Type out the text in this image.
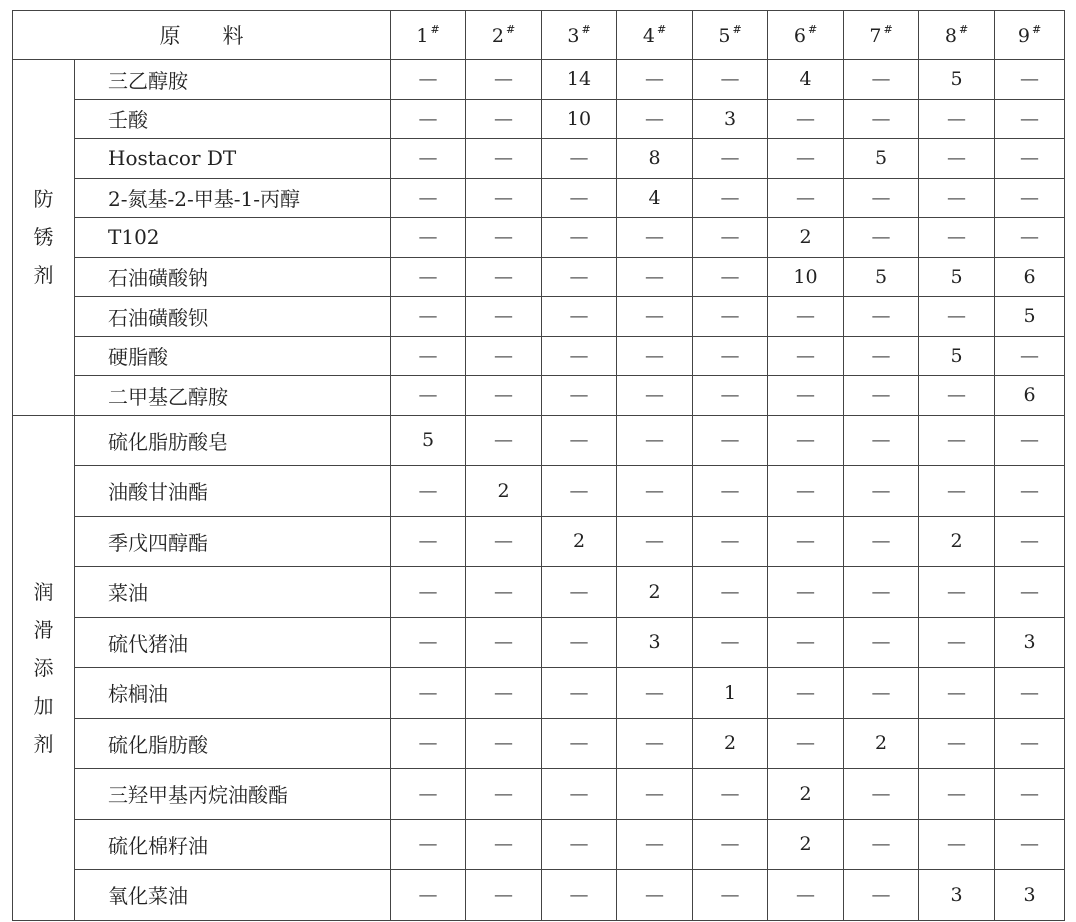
原　　料		1 #	2 #	3 #	4 #	5 #	6 #	7 #	8 #	9 #

防
锈
剂	三乙醇胺	—	—	14	—	—	4	—	5	—
	壬酸	—	—	10	—	3	—	—	—	—
	Hostacor DT	—	—	—	8	—	—	5	—	—
	2-氮基-2-甲基-1-丙醇	—	—	—	4	—	—	—	—	—
	T102	—	—	—	—	—	2	—	—	—
	石油磺酸钠	—	—	—	—	—	10	5	5	6
	石油磺酸钡	—	—	—	—	—	—	—	—	5
	硬脂酸	—	—	—	—	—	—	—	5	—
	二甲基乙醇胺	—	—	—	—	—	—	—	—	6

润
滑
添
加
剂	硫化脂肪酸皂	5	—	—	—	—	—	—	—	—
	油酸甘油酯	—	2	—	—	—	—	—	—	—
	季戊四醇酯	—	—	2	—	—	—	—	2	—
	菜油	—	—	—	2	—	—	—	—	—
	硫代猪油	—	—	—	3	—	—	—	—	3
	棕榈油	—	—	—	—	1	—	—	—	—
	硫化脂肪酸	—	—	—	—	2	—	2	—	—
	三羟甲基丙烷油酸酯	—	—	—	—	—	2	—	—	—
	硫化棉籽油	—	—	—	—	—	2	—	—	—
	氧化菜油	—	—	—	—	—	—	—	3	3
